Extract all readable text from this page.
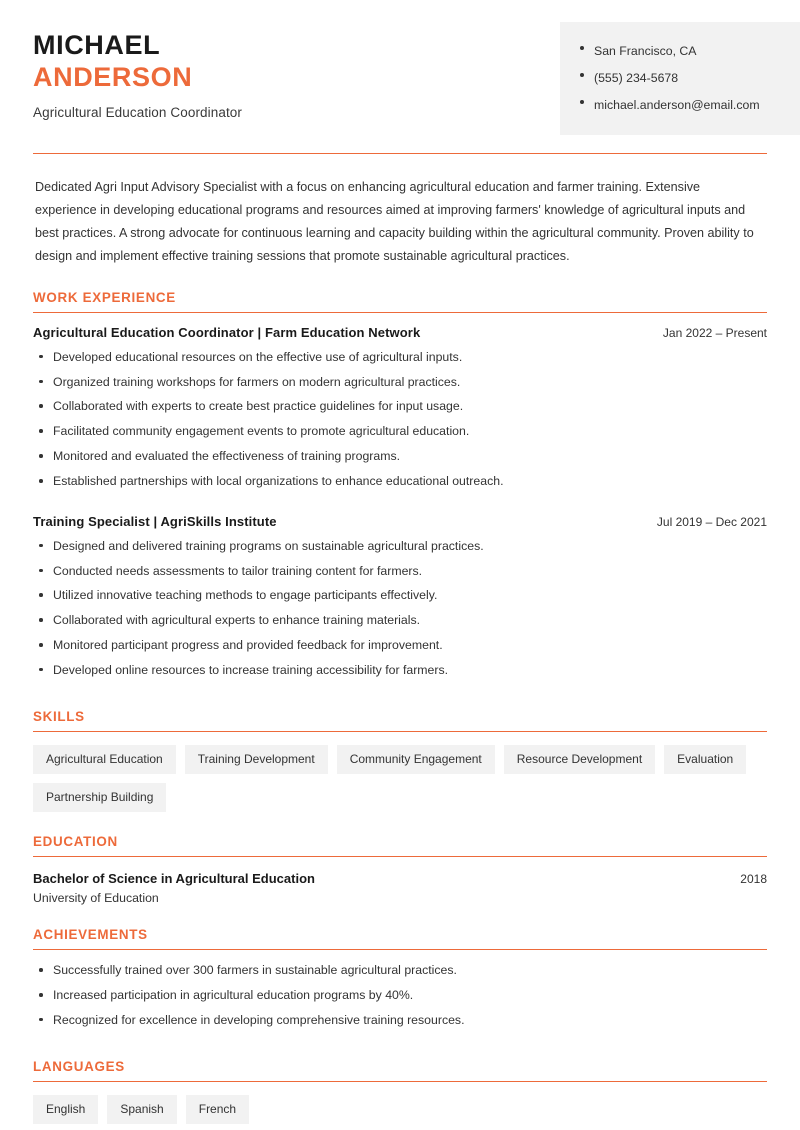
MICHAEL
ANDERSON
Agricultural Education Coordinator
San Francisco, CA
(555) 234-5678
michael.anderson@email.com
Dedicated Agri Input Advisory Specialist with a focus on enhancing agricultural education and farmer training. Extensive experience in developing educational programs and resources aimed at improving farmers' knowledge of agricultural inputs and best practices. A strong advocate for continuous learning and capacity building within the agricultural community. Proven ability to design and implement effective training sessions that promote sustainable agricultural practices.
WORK EXPERIENCE
Agricultural Education Coordinator | Farm Education Network	Jan 2022 – Present
Developed educational resources on the effective use of agricultural inputs.
Organized training workshops for farmers on modern agricultural practices.
Collaborated with experts to create best practice guidelines for input usage.
Facilitated community engagement events to promote agricultural education.
Monitored and evaluated the effectiveness of training programs.
Established partnerships with local organizations to enhance educational outreach.
Training Specialist | AgriSkills Institute	Jul 2019 – Dec 2021
Designed and delivered training programs on sustainable agricultural practices.
Conducted needs assessments to tailor training content for farmers.
Utilized innovative teaching methods to engage participants effectively.
Collaborated with agricultural experts to enhance training materials.
Monitored participant progress and provided feedback for improvement.
Developed online resources to increase training accessibility for farmers.
SKILLS
Agricultural Education	Training Development	Community Engagement	Resource Development	Evaluation
Partnership Building
EDUCATION
Bachelor of Science in Agricultural Education	2018
University of Education
ACHIEVEMENTS
Successfully trained over 300 farmers in sustainable agricultural practices.
Increased participation in agricultural education programs by 40%.
Recognized for excellence in developing comprehensive training resources.
LANGUAGES
English	Spanish	French
